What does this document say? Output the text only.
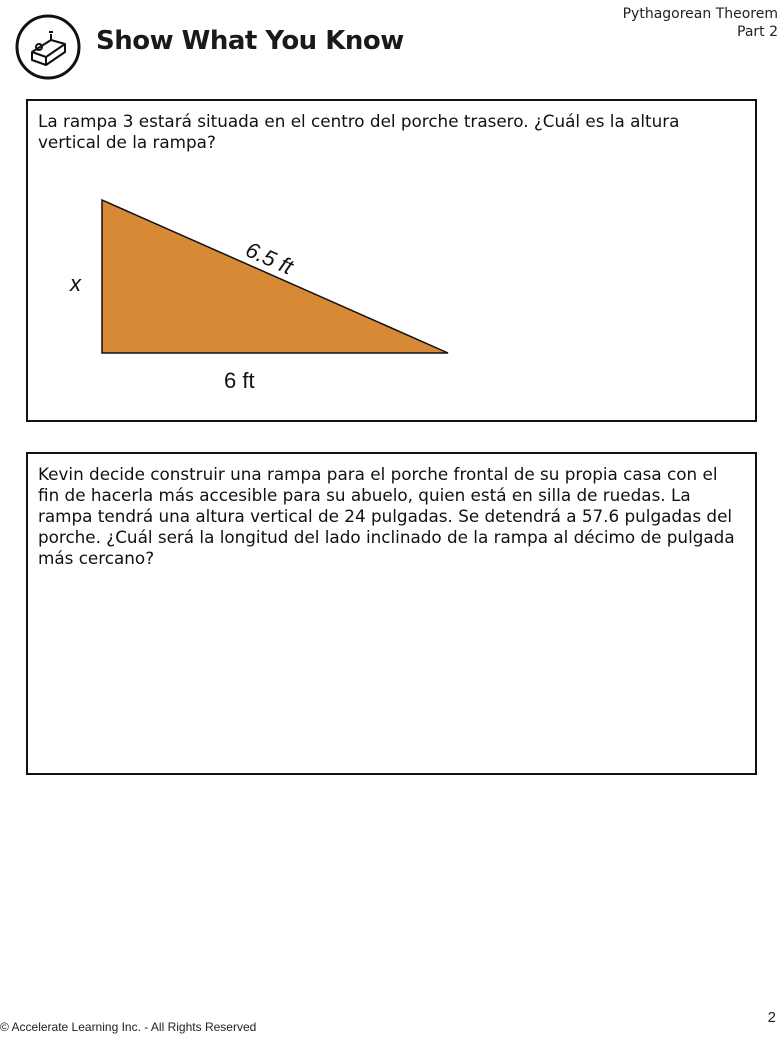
Show What You Know
Pythagorean Theorem
Part 2
La rampa 3 estará situada en el centro del porche trasero. ¿Cuál es la altura vertical de la rampa?
x
6.5 ft
6 ft
Kevin decide construir una rampa para el porche frontal de su propia casa con el fin de hacerla más accesible para su abuelo, quien está en silla de ruedas. La rampa tendrá una altura vertical de 24 pulgadas. Se detendrá a 57.6 pulgadas del porche. ¿Cuál será la longitud del lado inclinado de la rampa al décimo de pulgada más cercano?
© Accelerate Learning Inc. - All Rights Reserved
2
